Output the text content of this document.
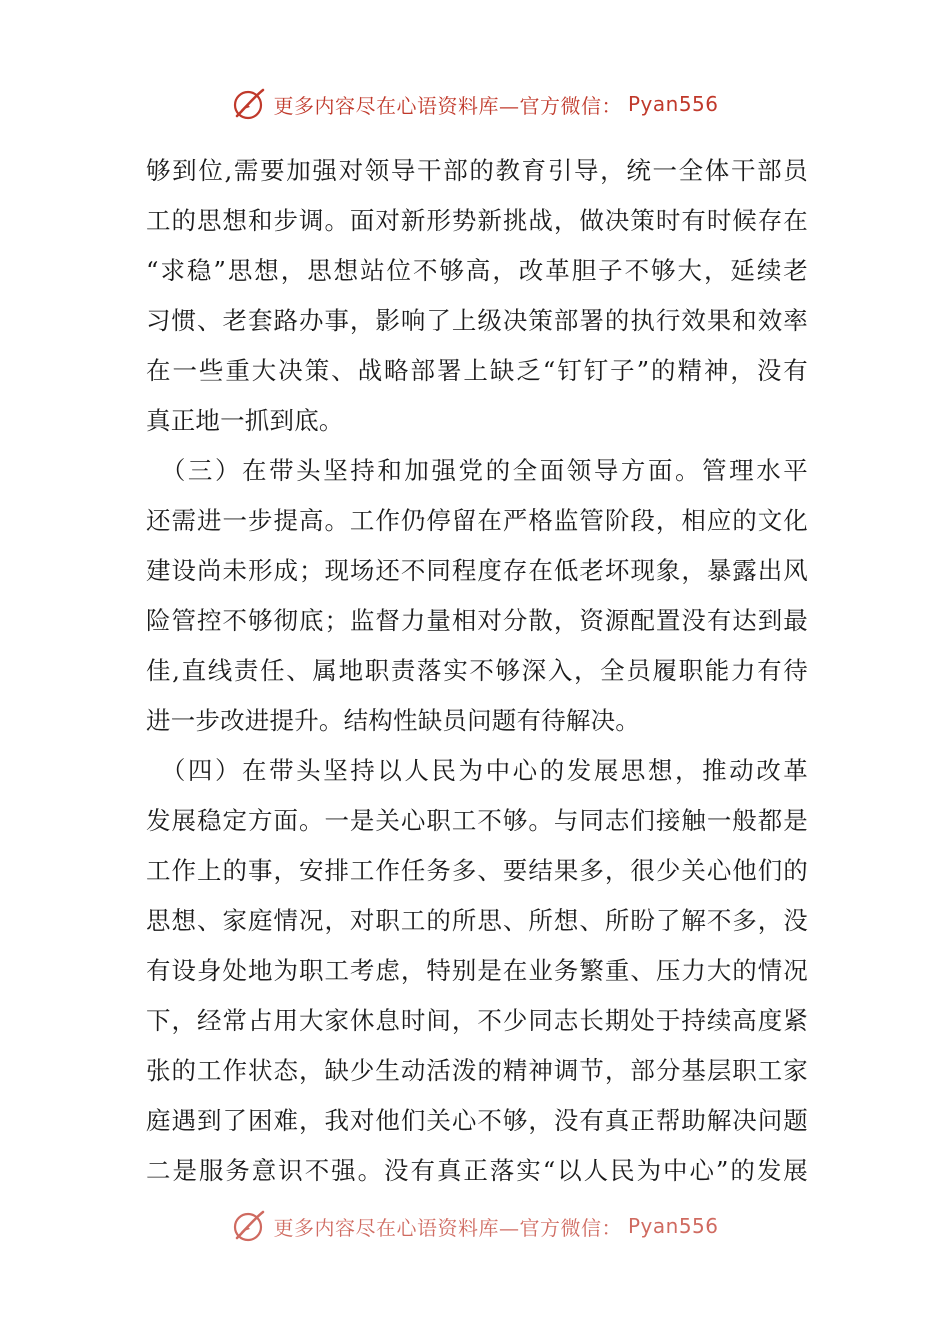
更多内容尽在心语资料库—官方微信： Pyan556
够到位,需要加强对领导干部的教育引导，统一全体干部员
工的思想和步调。面对新形势新挑战，做决策时有时候存在
“求稳”思想，思想站位不够高，改革胆子不够大，延续老
习惯、老套路办事，影响了上级决策部署的执行效果和效率
在一些重大决策、战略部署上缺乏“钉钉子”的精神，没有
真正地一抓到底。
　（三）在带头坚持和加强党的全面领导方面。管理水平
还需进一步提高。工作仍停留在严格监管阶段，相应的文化
建设尚未形成；现场还不同程度存在低老坏现象，暴露出风
险管控不够彻底；监督力量相对分散，资源配置没有达到最
佳,直线责任、属地职责落实不够深入，全员履职能力有待
进一步改进提升。结构性缺员问题有待解决。
　（四）在带头坚持以人民为中心的发展思想，推动改革
发展稳定方面。一是关心职工不够。与同志们接触一般都是
工作上的事，安排工作任务多、要结果多，很少关心他们的
思想、家庭情况，对职工的所思、所想、所盼了解不多，没
有设身处地为职工考虑，特别是在业务繁重、压力大的情况
下，经常占用大家休息时间，不少同志长期处于持续高度紧
张的工作状态，缺少生动活泼的精神调节，部分基层职工家
庭遇到了困难，我对他们关心不够，没有真正帮助解决问题
二是服务意识不强。没有真正落实“以人民为中心”的发展
更多内容尽在心语资料库—官方微信： Pyan556
